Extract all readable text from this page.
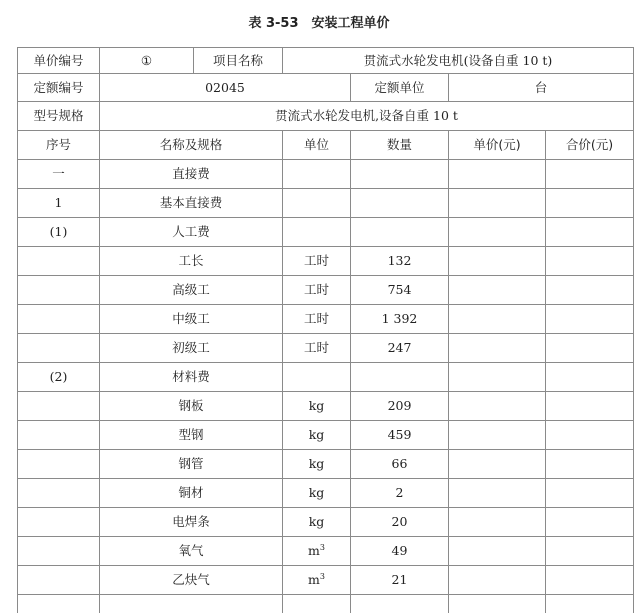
表 3-53　安装工程单价
单价编号	①	项目名称	贯流式水轮发电机(设备自重 10 t)			
定额编号	02045			定额单位	台	
型号规格	贯流式水轮发电机,设备自重 10 t					
序号	名称及规格		单位	数量	单价(元)	合价(元)
一	直接费					
1	基本直接费					
(1)	人工费					
	工长		工时	132		
	高级工		工时	754		
	中级工		工时	1 392		
	初级工		工时	247		
(2)	材料费					
	钢板		kg	209		
	型钢		kg	459		
	钢管		kg	66		
	铜材		kg	2		
	电焊条		kg	20		
	氧气		$m^3$	49		
	乙炔气		$m^3$	21		
